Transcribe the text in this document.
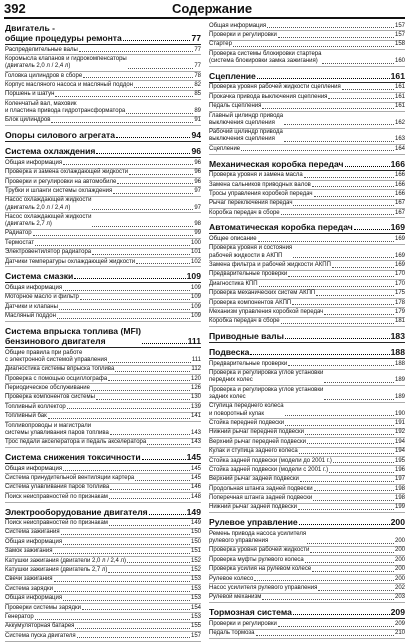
392	Содержание
Двигатель -
общие процедуры ремонта	77
Распределительные валы	77
Коромысла клапанов и гидрокомпенсаторы
(двигатель 2,0 л / 2,4 л)	77
Головка цилиндров в сборе	78
Корпус масляного насоса и масляный поддон	82
Поршень и шатун	85
Коленчатый вал, маховик
и пластина привода гидротрансформатора	89
Блок цилиндров	91
Опоры силового агрегата	94
Система охлаждения	96
Общая информация	96
Проверка и замена охлаждающей жидкости	96
Проверки и регулировки на автомобиле	96
Трубки и шланги системы охлаждения	97
Насос охлаждающей жидкости
(двигатель 2,0 л / 2,4 л)	97
Насос охлаждающей жидкости
(двигатель 2,7 л)	98
Радиатор	99
Термостат	100
Электровентилятор радиатора	101
Датчики температуры охлаждающей жидкости	102
Система смазки	109
Общая информация	109
Моторное масло и фильтр	109
Датчики и клапаны	109
Масляный поддон	109
Система впрыска топлива (MFI)
бензинового двигателя	111
Общие правила при работе
с электронной системой управления	111
Диагностика системы впрыска топлива	112
Проверка с помощью осциллографа	120
Периодическое обслуживание	126
Проверка компонентов системы	130
Топливный коллектор	139
Топливный бак	141
Топливопроводы и магистрали
системы улавливания паров топлива	143
Трос педали акселератора и педаль акселератора	143
Система снижения токсичности	145
Общая информация	145
Система принудительной вентиляции картера	145
Система улавливания паров топлива	146
Поиск неисправностей по признакам	148
Электрооборудование двигателя	149
Поиск неисправностей по признакам	149
Система зажигания	150
Общая информация	150
Замок зажигания	151
Катушки зажигания (двигатели 2,0 л / 2,4 л)	152
Катушки зажигания (двигатель 2,7 л)	152
Свечи зажигания	153
Система зарядки	153
Общая информация	153
Проверки системы зарядки	154
Генератор	153
Аккумуляторная батарея	155
Система пуска двигателя	157
Общая информация	157
Проверки и регулировки	157
Стартер	158
Проверка системы блокировки стартера
(система блокировки замка зажигания)	160
Сцепление	161
Проверка уровня рабочей жидкости сцепления	161
Прокачка привода выключения сцепления	161
Педаль сцепления	161
Главный цилиндр привода
выключения сцепления	162
Рабочий цилиндр привода
выключения сцепления	163
Сцепление	164
Механическая коробка передач	166
Проверка уровня и замена масла	166
Замена сальников приводных валов	166
Тросы управления коробкой передач	166
Рычаг переключения передач	167
Коробка передач в сборе	167
Автоматическая коробка передач	169
Общее описание	169
Проверка уровня и состояния
рабочей жидкости в АКПП	169
Замена фильтра и рабочей жидкости АКПП	169
Предварительные проверки	170
Диагностика КПП	170
Проверка механических систем АКПП	175
Проверка компонентов АКПП	178
Механизм управления коробкой передач	179
Коробка передач в сборе	181
Приводные валы	183
Подвеска	188
Предварительные проверки	188
Проверка и регулировка углов установки
передних колес	189
Проверка и регулировка углов установки
задних колес	189
Ступица переднего колеса
и поворотный кулак	190
Стойка передней подвески	191
Нижний рычаг передней подвески	192
Верхний рычаг передней подвески	194
Кулак и ступица заднего колеса	194
Стойка задней подвески (модели до 2001 г.)	195
Стойка задней подвески (модели с 2001 г.)	196
Верхний рычаг задней подвески	197
Продольная штанга задней подвески	198
Поперечная штанга задней подвески	198
Нижний рычаг задней подвески	199
Рулевое управление	200
Ремень привода насоса усилителя
рулевого управления	200
Проверка уровня рабочей жидкости	200
Проверка муфты рулевого колеса	200
Проверка усилия на рулевом колесе	200
Рулевое колесо	200
Насос усилителя рулевого управления	202
Рулевой механизм	203
Тормозная система	209
Проверки и регулировки	209
Педаль тормоза	210
